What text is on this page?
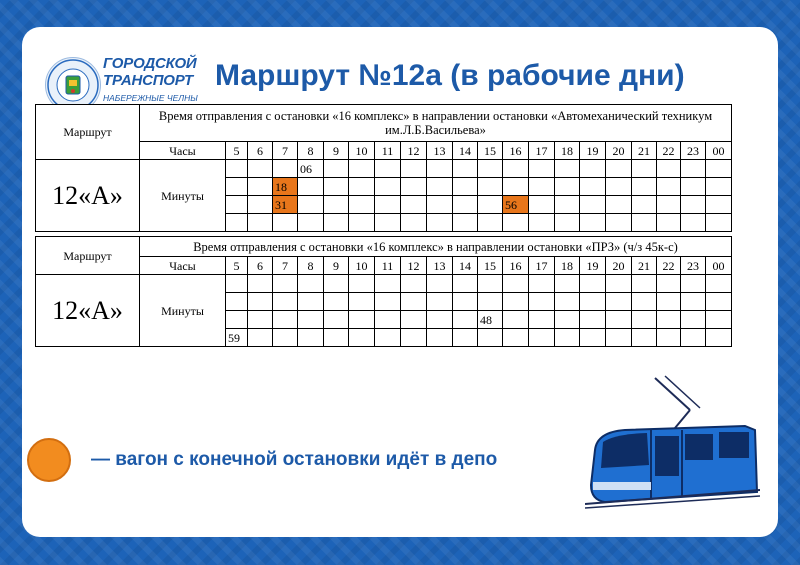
ГОРОДСКОЙ
ТРАНСПОРТ
НАБЕРЕЖНЫЕ ЧЕЛНЫ
Маршрут №12а (в рабочие дни)
Маршрут	Время отправления с остановки «16 комплекс» в направлении остановки «Автомеханический техникум им.Л.Б.Васильева»																				
	Часы	5	6	7	8	9	10	11	12	13	14	15	16	17	18	19	20	21	22	23	00
12«А»	Минуты				06																
				18																	
				31									56								

Маршрут	Время отправления с остановки «16 комплекс» в направлении остановки «ПРЗ» (ч/з 45к-с)																				
	Часы	5	6	7	8	9	10	11	12	13	14	15	16	17	18	19	20	21	22	23	00
12«А»	Минуты																				

												48									
		59																			
— вагон с конечной остановки идёт в депо
